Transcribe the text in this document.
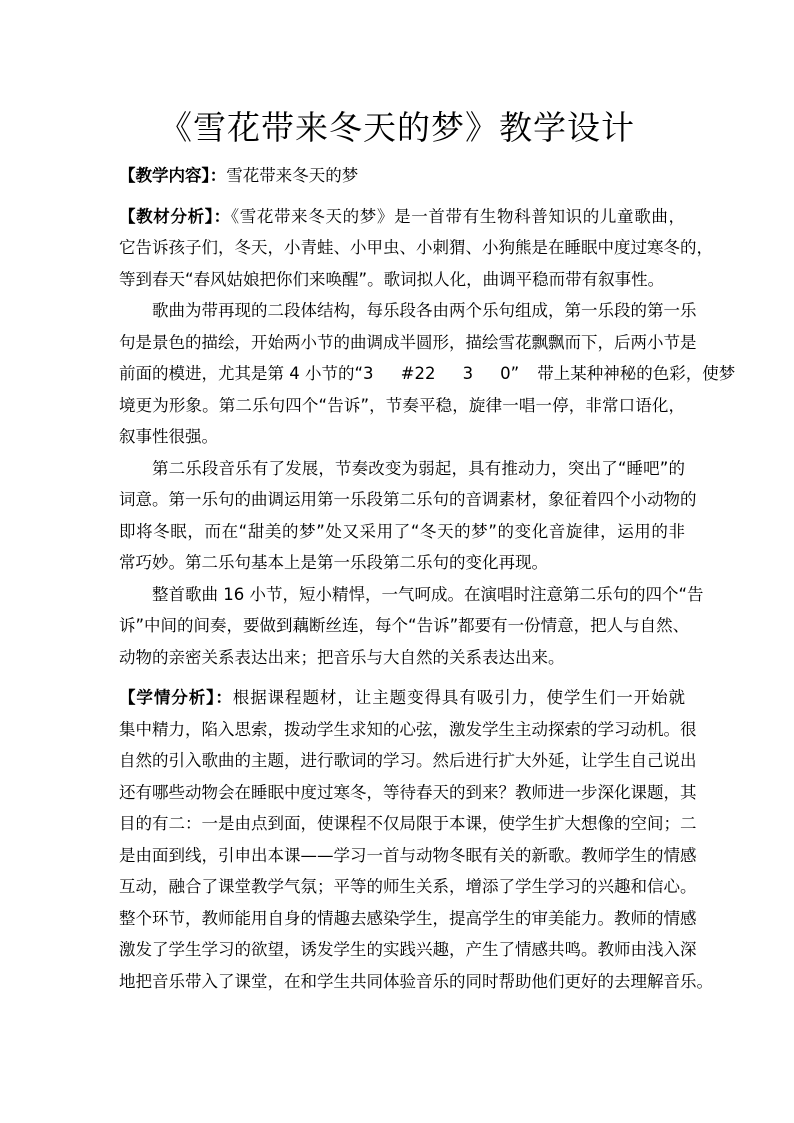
《雪花带来冬天的梦》教学设计
【教学内容】：雪花带来冬天的梦
【教材分析】：《雪花带来冬天的梦》是一首带有生物科普知识的儿童歌曲，
它告诉孩子们，冬天，小青蛙、小甲虫、小刺猬、小狗熊是在睡眠中度过寒冬的，
等到春天“春风姑娘把你们来唤醒”。歌词拟人化，曲调平稳而带有叙事性。
歌曲为带再现的二段体结构，每乐段各由两个乐句组成，第一乐段的第一乐
句是景色的描绘，开始两小节的曲调成半圆形，描绘雪花飘飘而下，后两小节是
前面的模进，尤其是第 4 小节的“3 #22 3 0” 带上某种神秘的色彩，使梦
境更为形象。第二乐句四个“告诉”，节奏平稳，旋律一唱一停，非常口语化，
叙事性很强。
第二乐段音乐有了发展，节奏改变为弱起，具有推动力，突出了“睡吧”的
词意。第一乐句的曲调运用第一乐段第二乐句的音调素材，象征着四个小动物的
即将冬眠，而在“甜美的梦”处又采用了“冬天的梦”的变化音旋律，运用的非
常巧妙。第二乐句基本上是第一乐段第二乐句的变化再现。
整首歌曲 16 小节，短小精悍，一气呵成。在演唱时注意第二乐句的四个“告
诉”中间的间奏，要做到藕断丝连，每个“告诉”都要有一份情意，把人与自然、
动物的亲密关系表达出来；把音乐与大自然的关系表达出来。
【学情分析】：根据课程题材，让主题变得具有吸引力，使学生们一开始就
集中精力，陷入思索，拨动学生求知的心弦，激发学生主动探索的学习动机。很
自然的引入歌曲的主题，进行歌词的学习。然后进行扩大外延，让学生自己说出
还有哪些动物会在睡眠中度过寒冬，等待春天的到来？教师进一步深化课题，其
目的有二：一是由点到面，使课程不仅局限于本课，使学生扩大想像的空间；二
是由面到线，引申出本课——学习一首与动物冬眠有关的新歌。教师学生的情感
互动，融合了课堂教学气氛；平等的师生关系，增添了学生学习的兴趣和信心。
整个环节，教师能用自身的情趣去感染学生，提高学生的审美能力。教师的情感
激发了学生学习的欲望，诱发学生的实践兴趣，产生了情感共鸣。教师由浅入深
地把音乐带入了课堂，在和学生共同体验音乐的同时帮助他们更好的去理解音乐。
